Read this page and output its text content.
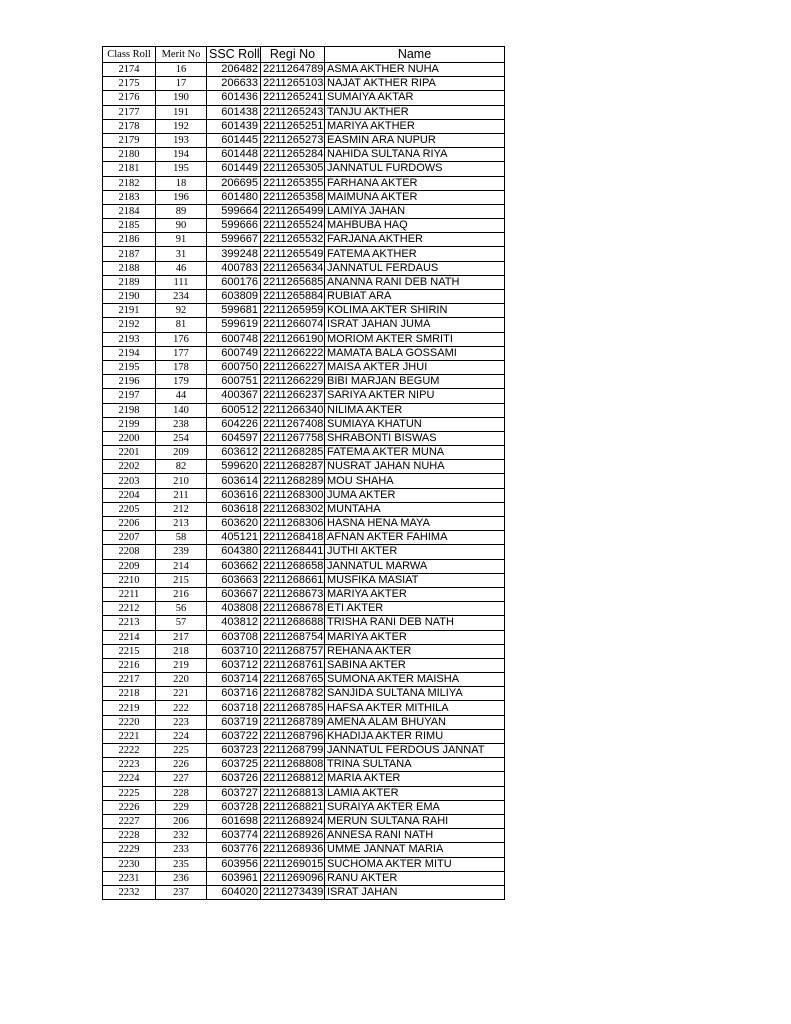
Class Roll	Merit No	SSC Roll	Regi No	Name
2174	16	206482	2211264789	ASMA AKTHER NUHA
2175	17	206633	2211265103	NAJAT AKTHER RIPA
2176	190	601436	2211265241	SUMAIYA AKTAR
2177	191	601438	2211265243	TANJU AKTHER
2178	192	601439	2211265251	MARIYA AKTHER
2179	193	601445	2211265273	EASMIN ARA NUPUR
2180	194	601448	2211265284	NAHIDA SULTANA RIYA
2181	195	601449	2211265305	JANNATUL FURDOWS
2182	18	206695	2211265355	FARHANA AKTER
2183	196	601480	2211265358	MAIMUNA AKTER
2184	89	599664	2211265499	LAMIYA JAHAN
2185	90	599666	2211265524	MAHBUBA HAQ
2186	91	599667	2211265532	FARJANA AKTHER
2187	31	399248	2211265549	FATEMA AKTHER
2188	46	400783	2211265634	JANNATUL FERDAUS
2189	111	600176	2211265685	ANANNA RANI DEB NATH
2190	234	603809	2211265884	RUBIAT ARA
2191	92	599681	2211265959	KOLIMA AKTER SHIRIN
2192	81	599619	2211266074	ISRAT JAHAN JUMA
2193	176	600748	2211266190	MORIOM AKTER SMRITI
2194	177	600749	2211266222	MAMATA BALA GOSSAMI
2195	178	600750	2211266227	MAISA AKTER JHUI
2196	179	600751	2211266229	BIBI MARJAN BEGUM
2197	44	400367	2211266237	SARIYA AKTER NIPU
2198	140	600512	2211266340	NILIMA AKTER
2199	238	604226	2211267408	SUMIAYA KHATUN
2200	254	604597	2211267758	SHRABONTI BISWAS
2201	209	603612	2211268285	FATEMA AKTER MUNA
2202	82	599620	2211268287	NUSRAT JAHAN NUHA
2203	210	603614	2211268289	MOU SHAHA
2204	211	603616	2211268300	JUMA AKTER
2205	212	603618	2211268302	MUNTAHA
2206	213	603620	2211268306	HASNA HENA MAYA
2207	58	405121	2211268418	AFNAN AKTER FAHIMA
2208	239	604380	2211268441	JUTHI AKTER
2209	214	603662	2211268658	JANNATUL MARWA
2210	215	603663	2211268661	MUSFIKA MASIAT
2211	216	603667	2211268673	MARIYA AKTER
2212	56	403808	2211268678	ETI AKTER
2213	57	403812	2211268688	TRISHA RANI DEB NATH
2214	217	603708	2211268754	MARIYA AKTER
2215	218	603710	2211268757	REHANA AKTER
2216	219	603712	2211268761	SABINA AKTER
2217	220	603714	2211268765	SUMONA AKTER MAISHA
2218	221	603716	2211268782	SANJIDA SULTANA MILIYA
2219	222	603718	2211268785	HAFSA AKTER MITHILA
2220	223	603719	2211268789	AMENA ALAM BHUYAN
2221	224	603722	2211268796	KHADIJA AKTER RIMU
2222	225	603723	2211268799	JANNATUL FERDOUS JANNAT
2223	226	603725	2211268808	TRINA SULTANA
2224	227	603726	2211268812	MARIA AKTER
2225	228	603727	2211268813	LAMIA AKTER
2226	229	603728	2211268821	SURAIYA AKTER EMA
2227	206	601698	2211268924	MERUN SULTANA RAHI
2228	232	603774	2211268926	ANNESA RANI NATH
2229	233	603776	2211268936	UMME JANNAT MARIA
2230	235	603956	2211269015	SUCHOMA AKTER MITU
2231	236	603961	2211269096	RANU AKTER
2232	237	604020	2211273439	ISRAT JAHAN
